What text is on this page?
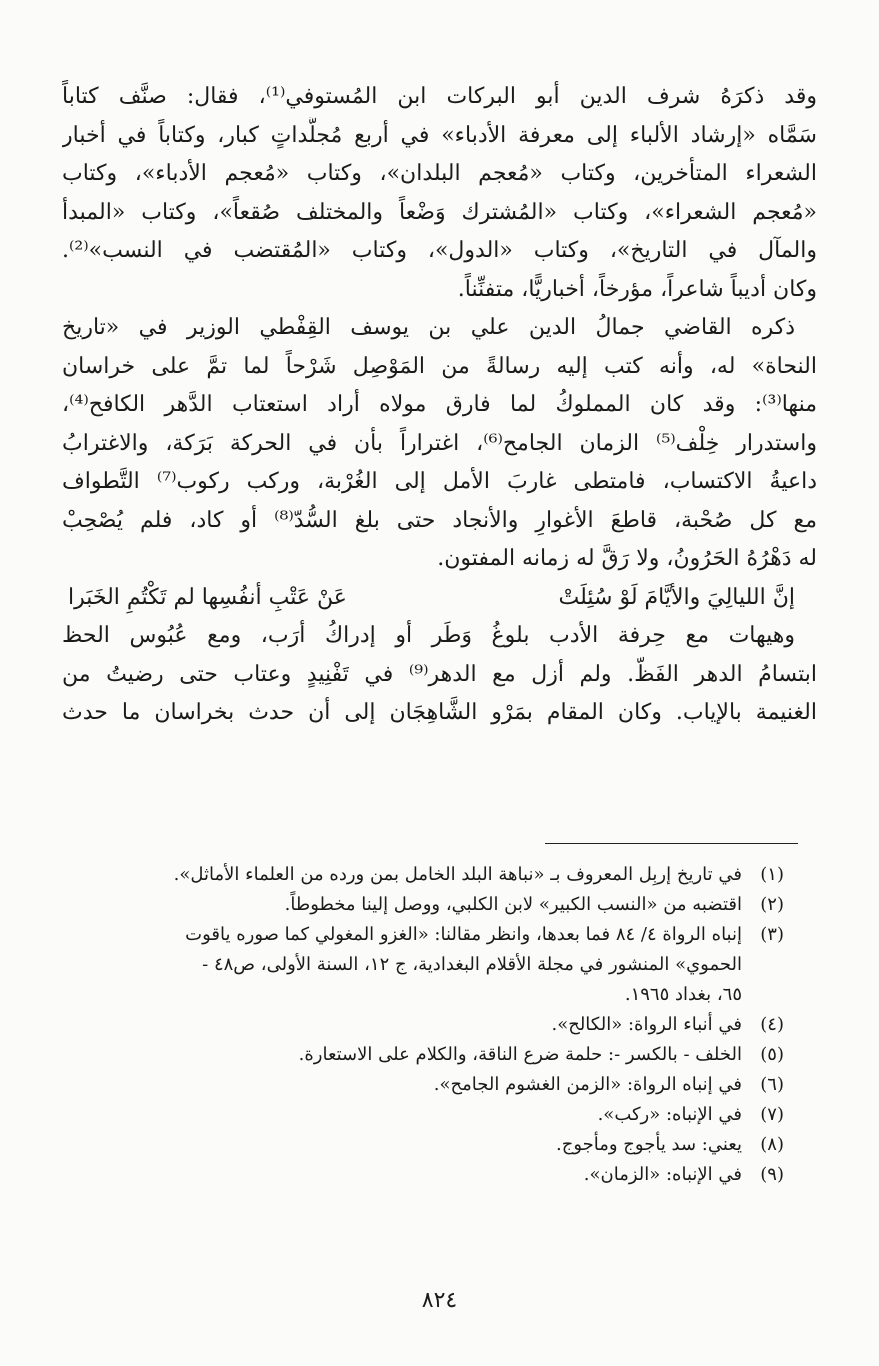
وقد ذكرَهُ شرف الدين أبو البركات ابن المُستوفي⁽¹⁾، فقال: صنَّف كتاباً
سَمَّاه «إرشاد الألباء إلى معرفة الأدباء» في أربع مُجلَّداتٍ كبار، وكتاباً في أخبار
الشعراء المتأخرين، وكتاب «مُعجم البلدان»، وكتاب «مُعجم الأدباء»، وكتاب
«مُعجم الشعراء»، وكتاب «المُشترك وَضْعاً والمختلف صُقعاً»، وكتاب «المبدأ
والمآل في التاريخ»، وكتاب «الدول»، وكتاب «المُقتضب في النسب»⁽²⁾.
وكان أديباً شاعراً، مؤرخاً، أخباريًّا، متفنِّناً.
ذكره القاضي جمالُ الدين علي بن يوسف القِفْطي الوزير في «تاريخ
النحاة» له، وأنه كتب إليه رسالةً من المَوْصِل شَرْحاً لما تمَّ على خراسان
منها⁽³⁾: وقد كان المملوكُ لما فارق مولاه أراد استعتاب الدَّهر الكافح⁽⁴⁾،
واستدرار خِلْف⁽⁵⁾ الزمان الجامح⁽⁶⁾، اغتراراً بأن في الحركة بَرَكة، والاغترابُ
داعيةُ الاكتساب، فامتطى غاربَ الأمل إلى الغُرْبة، وركب ركوب⁽⁷⁾ التَّطواف
مع كل صُحْبة، قاطعَ الأغوارِ والأنجاد حتى بلغ السُّدّ⁽⁸⁾ أو كاد، فلم يُصْحِبْ
له دَهْرُهُ الحَرُونُ، ولا رَقَّ له زمانه المفتون.
إنَّ الليالِيَ والأيَّامَ لَوْ سُئِلَتْ
عَنْ عَتْبِ أنفُسِها لم تَكْتُمِ الخَبَرا
وهيهات مع حِرفة الأدب بلوغُ وَطَر أو إدراكُ أرَب، ومع عُبُوس الحظ
ابتسامُ الدهر الفَظّ. ولم أزل مع الدهر⁽⁹⁾ في تَفْنِيدٍ وعتاب حتى رضيتُ من
الغنيمة بالإياب. وكان المقام بمَرْو الشَّاهِجَان إلى أن حدث بخراسان ما حدث
(١)
في تاريخ إربِل المعروف بـ «نباهة البلد الخامل بمن ورده من العلماء الأماثل».
(٢)
اقتضبه من «النسب الكبير» لابن الكلبي، ووصل إلينا مخطوطاً.
(٣)
إنباه الرواة ٤/ ٨٤ فما بعدها، وانظر مقالنا: «الغزو المغولي كما صوره ياقوت
الحموي» المنشور في مجلة الأقلام البغدادية، ج ١٢، السنة الأولى، ص٤٨ -
٦٥، بغداد ١٩٦٥.
(٤)
في أنباء الرواة: «الكالح».
(٥)
الخلف - بالكسر -: حلمة ضرع الناقة، والكلام على الاستعارة.
(٦)
في إنباه الرواة: «الزمن الغشوم الجامح».
(٧)
في الإنباه: «ركب».
(٨)
يعني: سد يأجوج ومأجوج.
(٩)
في الإنباه: «الزمان».
٨٢٤
